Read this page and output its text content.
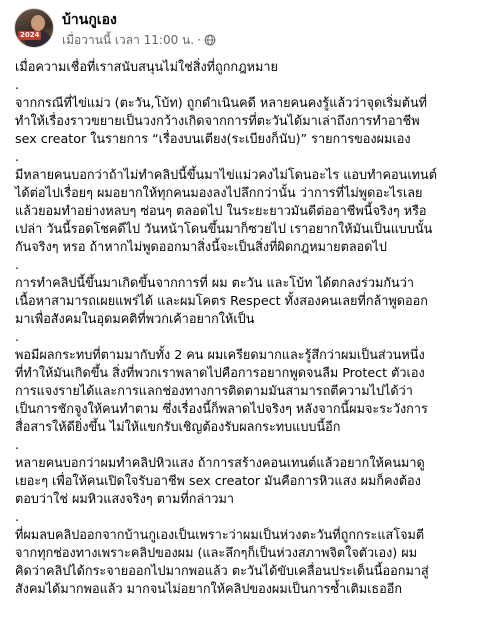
2024
บ้านกูเอง
เมื่อวานนี้ เวลา 11:00 น. ·

เมื่อความเชื่อที่เราสนับสนุนไม่ใช่สิ่งที่ถูกกฎหมาย

.

จากกรณีที่ไข่แม่ว (ตะวัน,โบ้ท) ถูกดำเนินคดี หลายคนคงรู้แล้วว่าจุดเริ่มต้นที่
ทำให้เรื่องราวขยายเป็นวงกว้างเกิดจากการที่ตะวันได้มาเล่าถึงการทำอาชีพ
sex creator ในรายการ “เรื่องบนเตียง(ระเบียงก็นับ)” รายการของผมเอง

.

มีหลายคนบอกว่าถ้าไม่ทำคลิปนี้ขึ้นมาไข่แม่วคงไม่โดนอะไร แอบทำคอนเทนต์
ได้ต่อไปเรื่อยๆ ผมอยากให้ทุกคนมองลงไปลึกกว่านั้น ว่าการที่ไม่พูดอะไรเลย
แล้วยอมทำอย่างหลบๆ ซ่อนๆ ตลอดไป ในระยะยาวมันดีต่ออาชีพนี้จริงๆ หรือ
เปล่า วันนี้รอดโชคดีไป วันหน้าโดนขึ้นมาก็ซวยไป เราอยากให้มันเป็นแบบนั้น
กันจริงๆ หรอ ถ้าหากไม่พูดออกมาสิ่งนี้จะเป็นสิ่งที่ผิดกฎหมายตลอดไป

.

การทำคลิปนี้ขึ้นมาเกิดขึ้นจากการที่ ผม ตะวัน และโบ้ท ได้ตกลงร่วมกันว่า
เนื้อหาสามารถเผยแพร่ได้ และผมโคตร Respect ทั้งสองคนเลยที่กล้าพูดออก
มาเพื่อสังคมในอุดมคติที่พวกเค้าอยากให้เป็น

.

พอมีผลกระทบที่ตามมากับทั้ง 2 คน ผมเครียดมากและรู้สึกว่าผมเป็นส่วนหนึ่ง
ที่ทำให้มันเกิดขึ้น สิ่งที่พวกเราพลาดไปคือการอยากพูดจนลืม Protect ตัวเอง
การแจงรายได้และการแลกช่องทางการติดตามมันสามารถตีความไปได้ว่า
เป็นการชักจูงให้คนทำตาม ซึ่งเรื่องนี้ก็พลาดไปจริงๆ หลังจากนี้ผมจะระวังการ
สื่อสารให้ดียิ่งขึ้น ไม่ให้แขกรับเชิญต้องรับผลกระทบแบบนี้อีก

.

หลายคนบอกว่าผมทำคลิปหิวแสง ถ้าการสร้างคอนเทนต์แล้วอยากให้คนมาดู
เยอะๆ เพื่อให้คนเปิดใจรับอาชีพ sex creator มันคือการหิวแสง ผมก็คงต้อง
ตอบว่าใช่ ผมหิวแสงจริงๆ ตามที่กล่าวมา

.

ที่ผมลบคลิปออกจากบ้านกูเองเป็นเพราะว่าผมเป็นห่วงตะวันที่ถูกกระแสโจมตี
จากทุกช่องทางเพราะคลิปของผม (และลึกๆก็เป็นห่วงสภาพจิตใจตัวเอง) ผม
คิดว่าคลิปได้กระจายออกไปมากพอแล้ว ตะวันได้ขับเคลื่อนประเด็นนี้ออกมาสู่
สังคมได้มากพอแล้ว มากจนไม่อยากให้คลิปของผมเป็นการซ้ำเติมเธออีก
